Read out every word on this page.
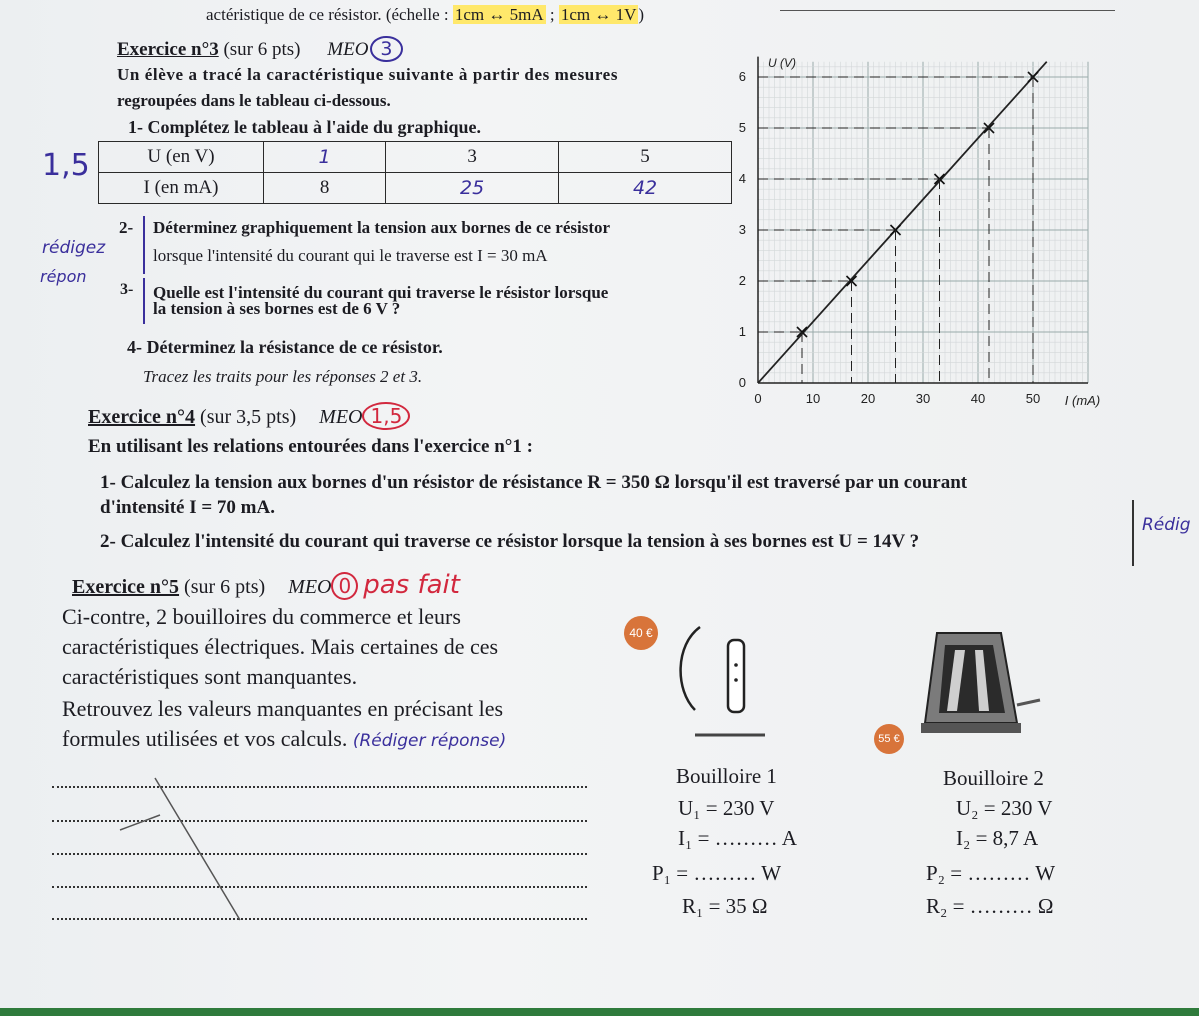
actéristique de ce résistor. (échelle : 1cm ↔ 5mA ; 1cm ↔ 1V )
Exercice n°3 (sur 6 pts) MEO 3
Un élève a tracé la caractéristique suivante à partir des mesures
regroupées dans le tableau ci-dessous.
1- Complétez le tableau à l'aide du graphique.
1,5	U (en V)	1	3	5
I (en mA)	8	25	42
2- Déterminez graphiquement la tension aux bornes de ce résistor
lorsque l'intensité du courant qui le traverse est I = 30 mA
rédigez
répon
3- Quelle est l'intensité du courant qui traverse le résistor lorsque
la tension à ses bornes est de 6 V ?
4- Déterminez la résistance de ce résistor.
Tracez les traits pour les réponses 2 et 3.
0	10	20	30	40	50
0
1
2
3
4
5
6
I (mA)
U (V)
Exercice n°4 (sur 3,5 pts) MEO 1,5
En utilisant les relations entourées dans l'exercice n°1 :
1- Calculez la tension aux bornes d'un résistor de résistance R = 350 Ω lorsqu'il est traversé par un courant
d'intensité I = 70 mA.
2- Calculez l'intensité du courant qui traverse ce résistor lorsque la tension à ses bornes est U = 14V ?
Rédig
Exercice n°5 (sur 6 pts) MEO 0 pas fait
Ci-contre, 2 bouilloires du commerce et leurs
caractéristiques électriques. Mais certaines de ces
caractéristiques sont manquantes.
Retrouvez les valeurs manquantes en précisant les
formules utilisées et vos calculs. (Rédiger réponse)
40 €
55 €
Bouilloire 1
U₁ = 230 V
I₁ = ……… A
P₁ = ……… W
R₁ = 35 Ω
Bouilloire 2
U₂ = 230 V
I₂ = 8,7 A
P₂ = ……… W
R₂ = ……… Ω
